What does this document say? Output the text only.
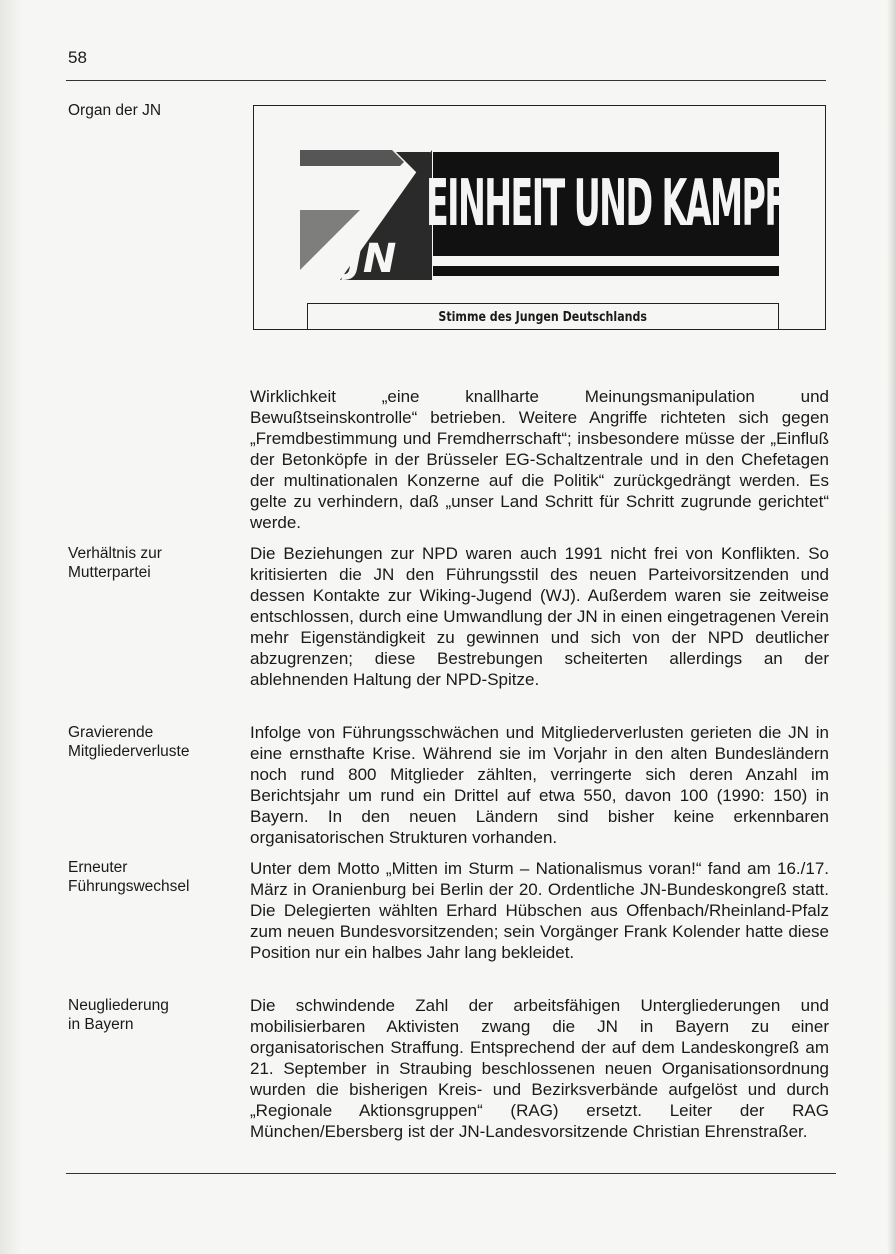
58
Organ der JN
Verhältnis zur
Mutterpartei
Gravierende
Mitgliederverluste
Erneuter
Führungswechsel
Neugliederung
in Bayern
JN
EINHEIT UND KAMPF
Stimme des Jungen Deutschlands
Wirklichkeit „eine knallharte Meinungsmanipulation und Bewußtseinskontrolle“ betrieben. Weitere Angriffe richteten sich gegen „Fremdbestimmung und Fremdherrschaft“; insbesondere müsse der „Einfluß der Betonköpfe in der Brüsseler EG-Schaltzentrale und in den Chefetagen der multinationalen Konzerne auf die Politik“ zurückgedrängt werden. Es gelte zu verhindern, daß „unser Land Schritt für Schritt zugrunde gerichtet“ werde.
Die Beziehungen zur NPD waren auch 1991 nicht frei von Konflikten. So kritisierten die JN den Führungsstil des neuen Parteivorsitzenden und dessen Kontakte zur Wiking-Jugend (WJ). Außerdem waren sie zeitweise entschlossen, durch eine Umwandlung der JN in einen eingetragenen Verein mehr Eigenständigkeit zu gewinnen und sich von der NPD deutlicher abzugrenzen; diese Bestrebungen scheiterten allerdings an der ablehnenden Haltung der NPD-Spitze.
Infolge von Führungsschwächen und Mitgliederverlusten gerieten die JN in eine ernsthafte Krise. Während sie im Vorjahr in den alten Bundesländern noch rund 800 Mitglieder zählten, verringerte sich deren Anzahl im Berichtsjahr um rund ein Drittel auf etwa 550, davon 100 (1990: 150) in Bayern. In den neuen Ländern sind bisher keine erkennbaren organisatorischen Strukturen vorhanden.
Unter dem Motto „Mitten im Sturm – Nationalismus voran!“ fand am 16./17. März in Oranienburg bei Berlin der 20. Ordentliche JN-Bundeskongreß statt. Die Delegierten wählten Erhard Hübschen aus Offenbach/Rheinland-Pfalz zum neuen Bundesvorsitzenden; sein Vorgänger Frank Kolender hatte diese Position nur ein halbes Jahr lang bekleidet.
Die schwindende Zahl der arbeitsfähigen Untergliederungen und mobilisierbaren Aktivisten zwang die JN in Bayern zu einer organisatorischen Straffung. Entsprechend der auf dem Landeskongreß am 21. September in Straubing beschlossenen neuen Organisationsordnung wurden die bisherigen Kreis- und Bezirksverbände aufgelöst und durch „Regionale Aktionsgruppen“ (RAG) ersetzt. Leiter der RAG München/Ebersberg ist der JN-Landesvorsitzende Christian Ehrenstraßer.
